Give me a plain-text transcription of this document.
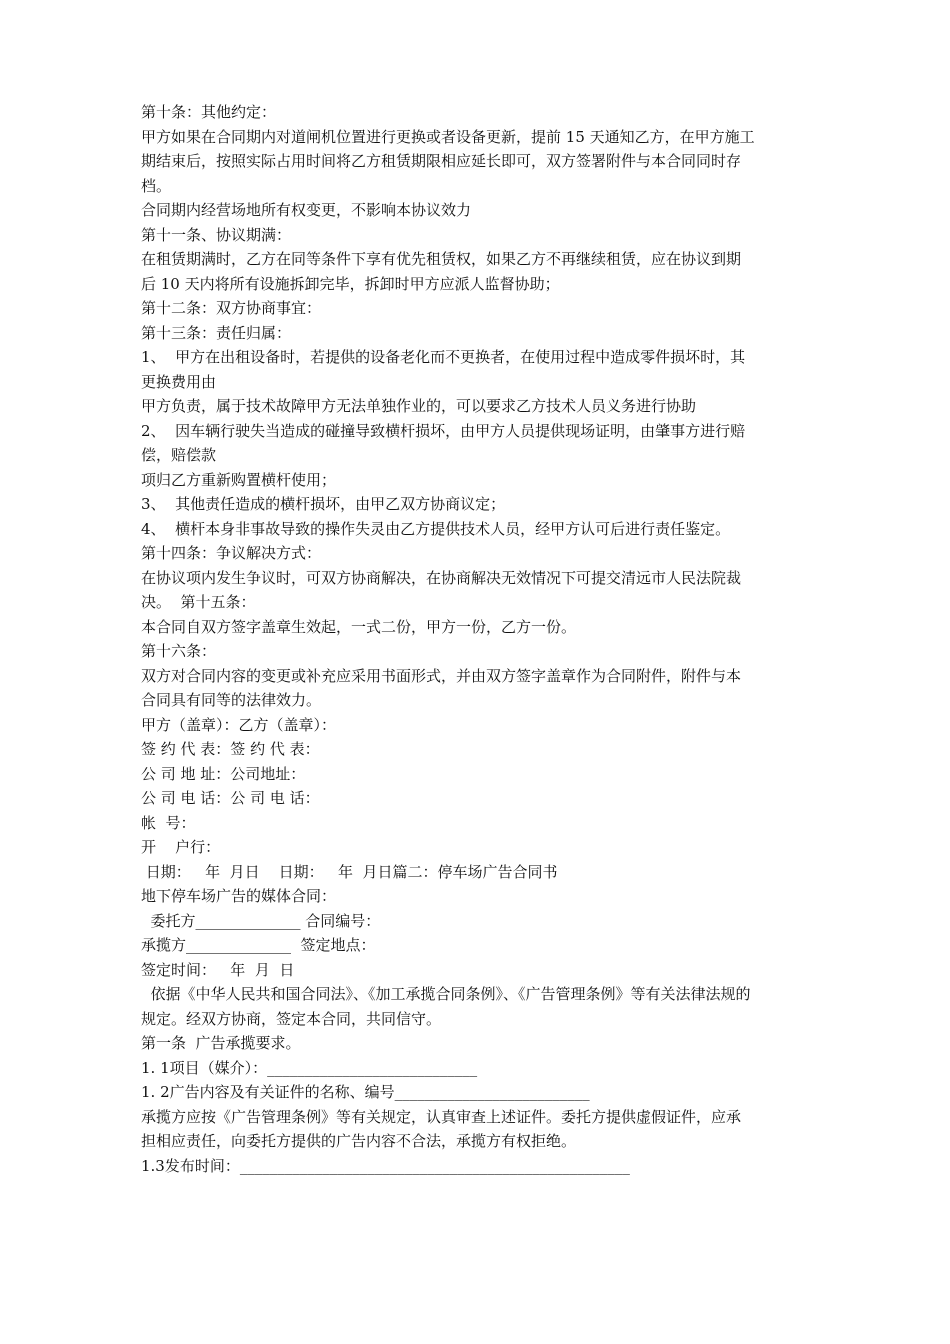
第十条：其他约定：
甲方如果在合同期内对道闸机位置进行更换或者设备更新，提前 15 天通知乙方，在甲方施工
期结束后，按照实际占用时间将乙方租赁期限相应延长即可，双方签署附件与本合同同时存
档。
合同期内经营场地所有权变更，不影响本协议效力
第十一条、协议期满：
在租赁期满时，乙方在同等条件下享有优先租赁权，如果乙方不再继续租赁，应在协议到期
后 10 天内将所有设施拆卸完毕，拆卸时甲方应派人监督协助；
第十二条：双方协商事宜：
第十三条：责任归属：
1、  甲方在出租设备时，若提供的设备老化而不更换者，在使用过程中造成零件损坏时，其
更换费用由
甲方负责，属于技术故障甲方无法单独作业的，可以要求乙方技术人员义务进行协助
2、  因车辆行驶失当造成的碰撞导致横杆损坏，由甲方人员提供现场证明，由肇事方进行赔
偿，赔偿款
项归乙方重新购置横杆使用；
3、  其他责任造成的横杆损坏，由甲乙双方协商议定；
4、  横杆本身非事故导致的操作失灵由乙方提供技术人员，经甲方认可后进行责任鉴定。
第十四条：争议解决方式：
在协议项内发生争议时，可双方协商解决，在协商解决无效情况下可提交清远市人民法院裁
决。  第十五条：
本合同自双方签字盖章生效起，一式二份，甲方一份，乙方一份。
第十六条：
双方对合同内容的变更或补充应采用书面形式，并由双方签字盖章作为合同附件，附件与本
合同具有同等的法律效力。
甲方（盖章）：乙方（盖章）：
签 约 代 表：签 约 代 表：
公 司 地 址：公司地址：
公 司 电 话：公 司 电 话：
帐  号：
开    户行：
日期：   年  月日    日期：   年  月日篇二：停车场广告合同书
地下停车场广告的媒体合同：
委托方______________ 合同编号：
承揽方______________  签定地点：
签定时间：   年  月  日
依据《中华人民共和国合同法》、《加工承揽合同条例》、《广告管理条例》等有关法律法规的
规定。经双方协商，签定本合同，共同信守。
第一条  广告承揽要求。
1. 1项目（媒介）：____________________________
1. 2广告内容及有关证件的名称、编号__________________________
承揽方应按《广告管理条例》等有关规定，认真审查上述证件。委托方提供虚假证件，应承
担相应责任，向委托方提供的广告内容不合法，承揽方有权拒绝。
1.3发布时间：____________________________________________________
